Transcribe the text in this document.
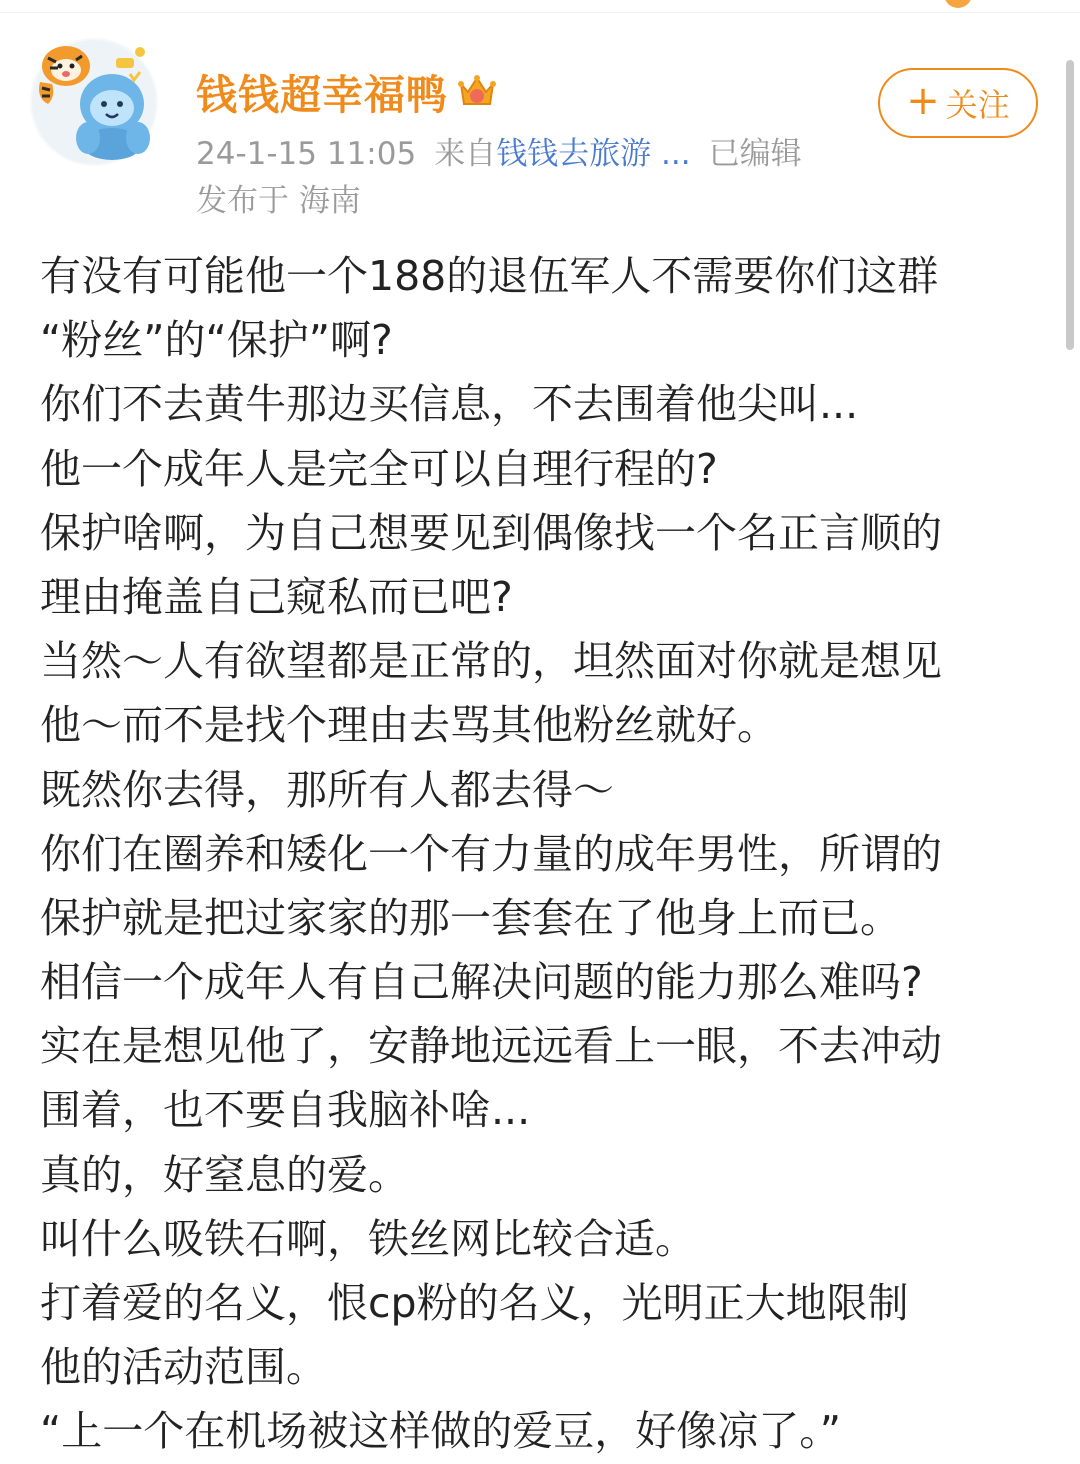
钱钱超幸福鸭
24-1-15 11:05 来自钱钱去旅游 ... 已编辑
发布于 海南
+ 关注
有没有可能他一个188的退伍军人不需要你们这群
“粉丝”的“保护”啊?
你们不去黄牛那边买信息，不去围着他尖叫...
他一个成年人是完全可以自理行程的?
保护啥啊，为自己想要见到偶像找一个名正言顺的
理由掩盖自己窥私而已吧?
当然～人有欲望都是正常的，坦然面对你就是想见
他～而不是找个理由去骂其他粉丝就好。
既然你去得，那所有人都去得～
你们在圈养和矮化一个有力量的成年男性，所谓的
保护就是把过家家的那一套套在了他身上而已。
相信一个成年人有自己解决问题的能力那么难吗?
实在是想见他了，安静地远远看上一眼，不去冲动
围着，也不要自我脑补啥...
真的，好窒息的爱。
叫什么吸铁石啊，铁丝网比较合适。
打着爱的名义，恨cp粉的名义，光明正大地限制
他的活动范围。
“上一个在机场被这样做的爱豆，好像凉了。”
